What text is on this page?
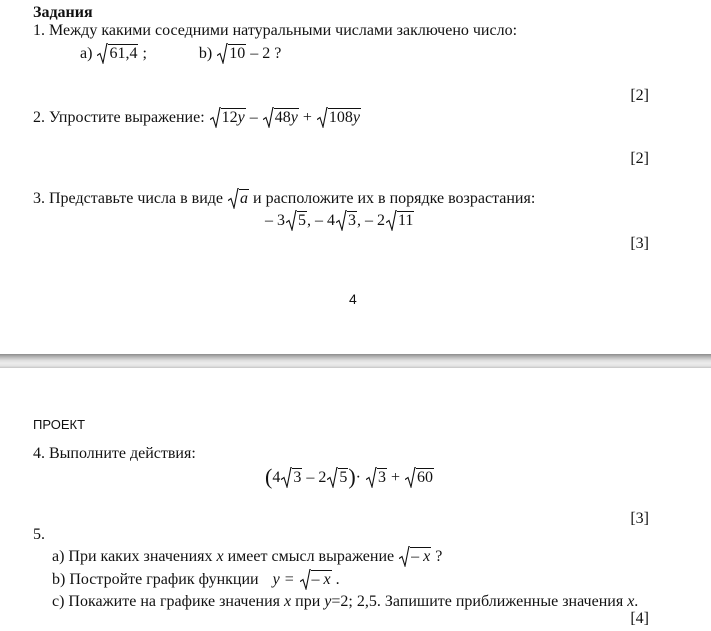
Задания
1. Между какими соседними натуральными числами заключено число:
a) 61,4 ;	b) 10 – 2 ?
[2]
2. Упростите выражение: 12y – 48y + 108y
[2]
3. Представьте числа в виде a и расположите их в порядке возрастания:
– 3 5, – 4 3, – 2 11
[3]
4
ПРОЕКТ
4. Выполните действия:
(4 3 – 2 5)· 3 + 60
[3]
5.
a) При каких значениях x имеет смысл выражение – x ?
b) Постройте график функции y = – x .
c) Покажите на графике значения x при y=2; 2,5. Запишите приближенные значения x.
[4]
